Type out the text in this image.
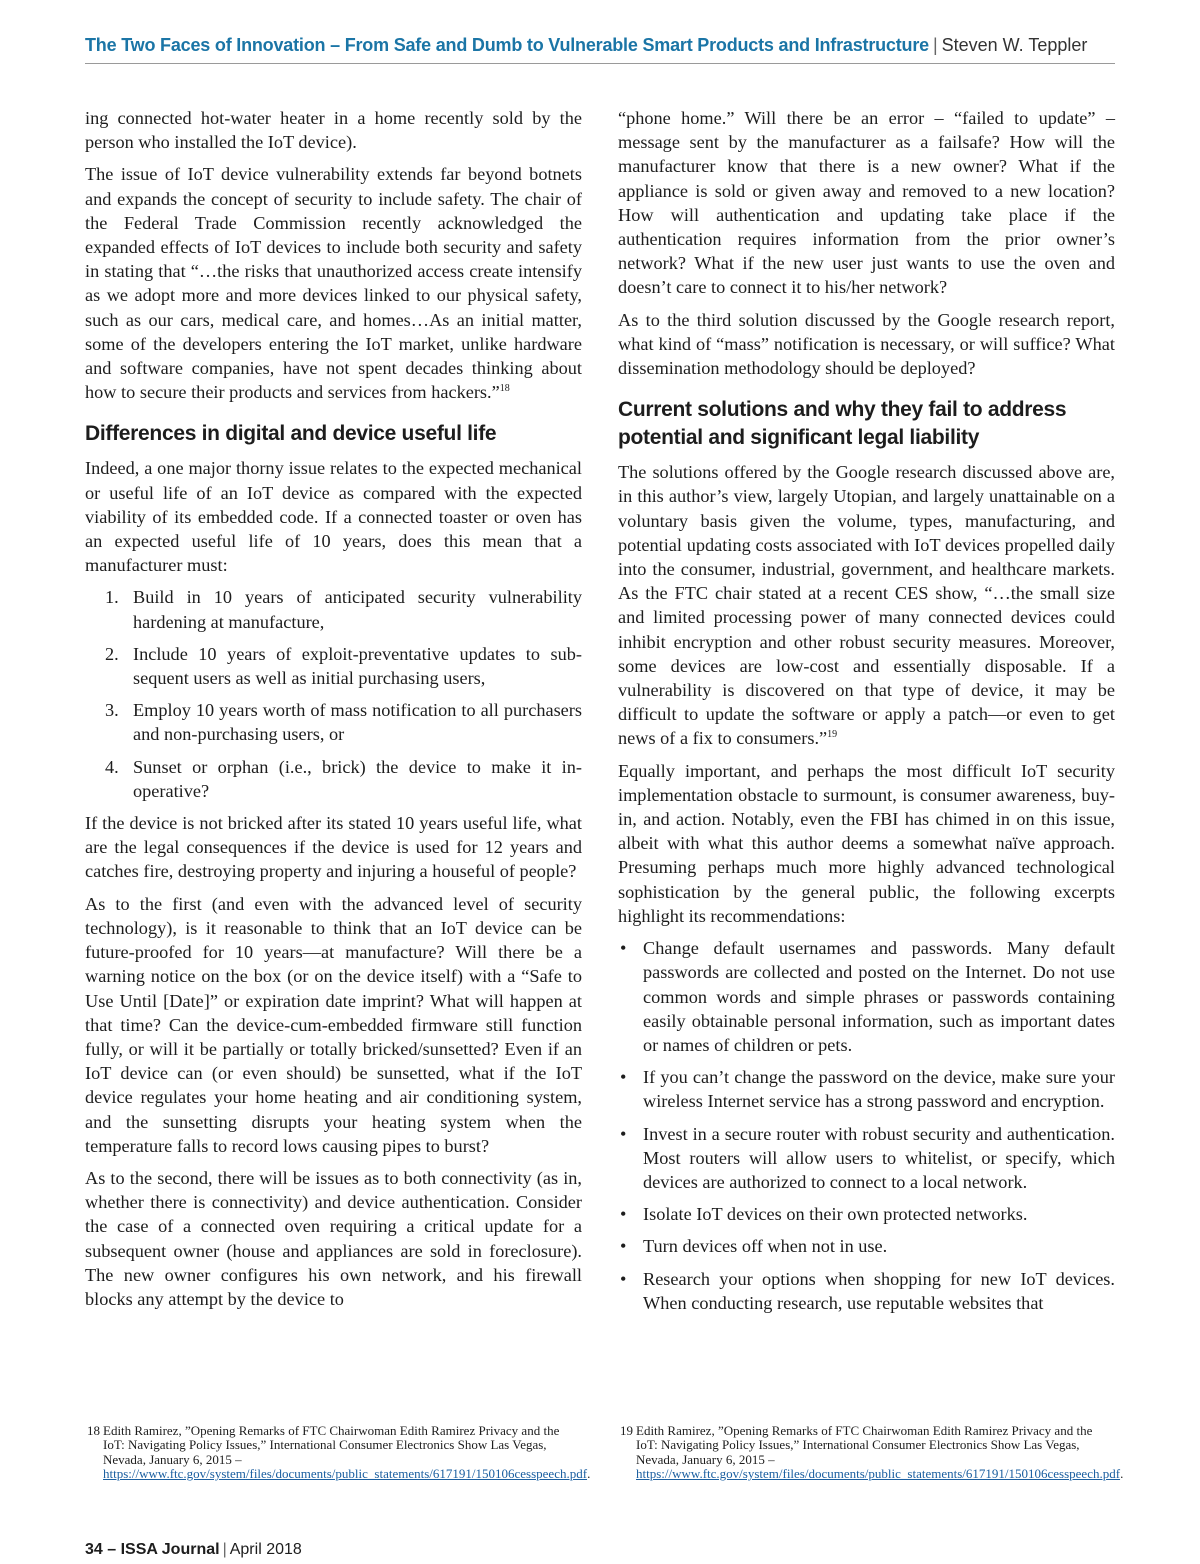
The Two Faces of Innovation – From Safe and Dumb to Vulnerable Smart Products and Infrastructure | Steven W. Teppler

ing connected hot-water heater in a home recently sold by the person who installed the IoT device).

The issue of IoT device vulnerability extends far beyond botnets and expands the concept of security to include safety. The chair of the Federal Trade Commission recently acknowledged the expanded effects of IoT devices to include both security and safety in stating that “…the risks that unauthorized access create intensify as we adopt more and more devices linked to our physical safety, such as our cars, medical care, and homes…As an initial matter, some of the developers entering the IoT market, unlike hardware and software companies, have not spent decades thinking about how to secure their products and services from hackers.”$^{18}$

Differences in digital and device useful life

Indeed, a one major thorny issue relates to the expected mechanical or useful life of an IoT device as compared with the expected viability of its embedded code. If a connected toaster or oven has an expected useful life of 10 years, does this mean that a manufacturer must:

1. Build in 10 years of anticipated security vulnerability hardening at manufacture,
2. Include 10 years of exploit-preventative updates to subsequent users as well as initial purchasing users,
3. Employ 10 years worth of mass notification to all purchasers and non-purchasing users, or
4. Sunset or orphan (i.e., brick) the device to make it inoperative?

If the device is not bricked after its stated 10 years useful life, what are the legal consequences if the device is used for 12 years and catches fire, destroying property and injuring a houseful of people?

As to the first (and even with the advanced level of security technology), is it reasonable to think that an IoT device can be future-proofed for 10 years—at manufacture? Will there be a warning notice on the box (or on the device itself) with a “Safe to Use Until [Date]” or expiration date imprint? What will happen at that time? Can the device-cum-embedded firmware still function fully, or will it be partially or totally bricked/sunsetted? Even if an IoT device can (or even should) be sunsetted, what if the IoT device regulates your home heating and air conditioning system, and the sunsetting disrupts your heating system when the temperature falls to record lows causing pipes to burst?

As to the second, there will be issues as to both connectivity (as in, whether there is connectivity) and device authentication. Consider the case of a connected oven requiring a critical update for a subsequent owner (house and appliances are sold in foreclosure). The new owner configures his own network, and his firewall blocks any attempt by the device to

“phone home.” Will there be an error – “failed to update” – message sent by the manufacturer as a failsafe? How will the manufacturer know that there is a new owner? What if the appliance is sold or given away and removed to a new location? How will authentication and updating take place if the authentication requires information from the prior owner’s network? What if the new user just wants to use the oven and doesn’t care to connect it to his/her network?

As to the third solution discussed by the Google research report, what kind of “mass” notification is necessary, or will suffice? What dissemination methodology should be deployed?

Current solutions and why they fail to address potential and significant legal liability

The solutions offered by the Google research discussed above are, in this author’s view, largely Utopian, and largely unattainable on a voluntary basis given the volume, types, manufacturing, and potential updating costs associated with IoT devices propelled daily into the consumer, industrial, government, and healthcare markets. As the FTC chair stated at a recent CES show, “…the small size and limited processing power of many connected devices could inhibit encryption and other robust security measures. Moreover, some devices are low-cost and essentially disposable. If a vulnerability is discovered on that type of device, it may be difficult to update the software or apply a patch—or even to get news of a fix to consumers.”$^{19}$

Equally important, and perhaps the most difficult IoT security implementation obstacle to surmount, is consumer awareness, buy-in, and action. Notably, even the FBI has chimed in on this issue, albeit with what this author deems a somewhat naïve approach. Presuming perhaps much more highly advanced technological sophistication by the general public, the following excerpts highlight its recommendations:

• Change default usernames and passwords. Many default passwords are collected and posted on the Internet. Do not use common words and simple phrases or passwords containing easily obtainable personal information, such as important dates or names of children or pets.
• If you can’t change the password on the device, make sure your wireless Internet service has a strong password and encryption.
• Invest in a secure router with robust security and authentication. Most routers will allow users to whitelist, or specify, which devices are authorized to connect to a local network.
• Isolate IoT devices on their own protected networks.
• Turn devices off when not in use.
• Research your options when shopping for new IoT devices. When conducting research, use reputable websites that
18 Edith Ramirez, ”Opening Remarks of FTC Chairwoman Edith Ramirez Privacy and the IoT: Navigating Policy Issues,” International Consumer Electronics Show Las Vegas, Nevada, January 6, 2015 – https://www.ftc.gov/system/files/documents/public_statements/617191/150106cesspeech.pdf.
19 Edith Ramirez, ”Opening Remarks of FTC Chairwoman Edith Ramirez Privacy and the IoT: Navigating Policy Issues,” International Consumer Electronics Show Las Vegas, Nevada, January 6, 2015 – https://www.ftc.gov/system/files/documents/public_statements/617191/150106cesspeech.pdf.
34 – ISSA Journal | April 2018
